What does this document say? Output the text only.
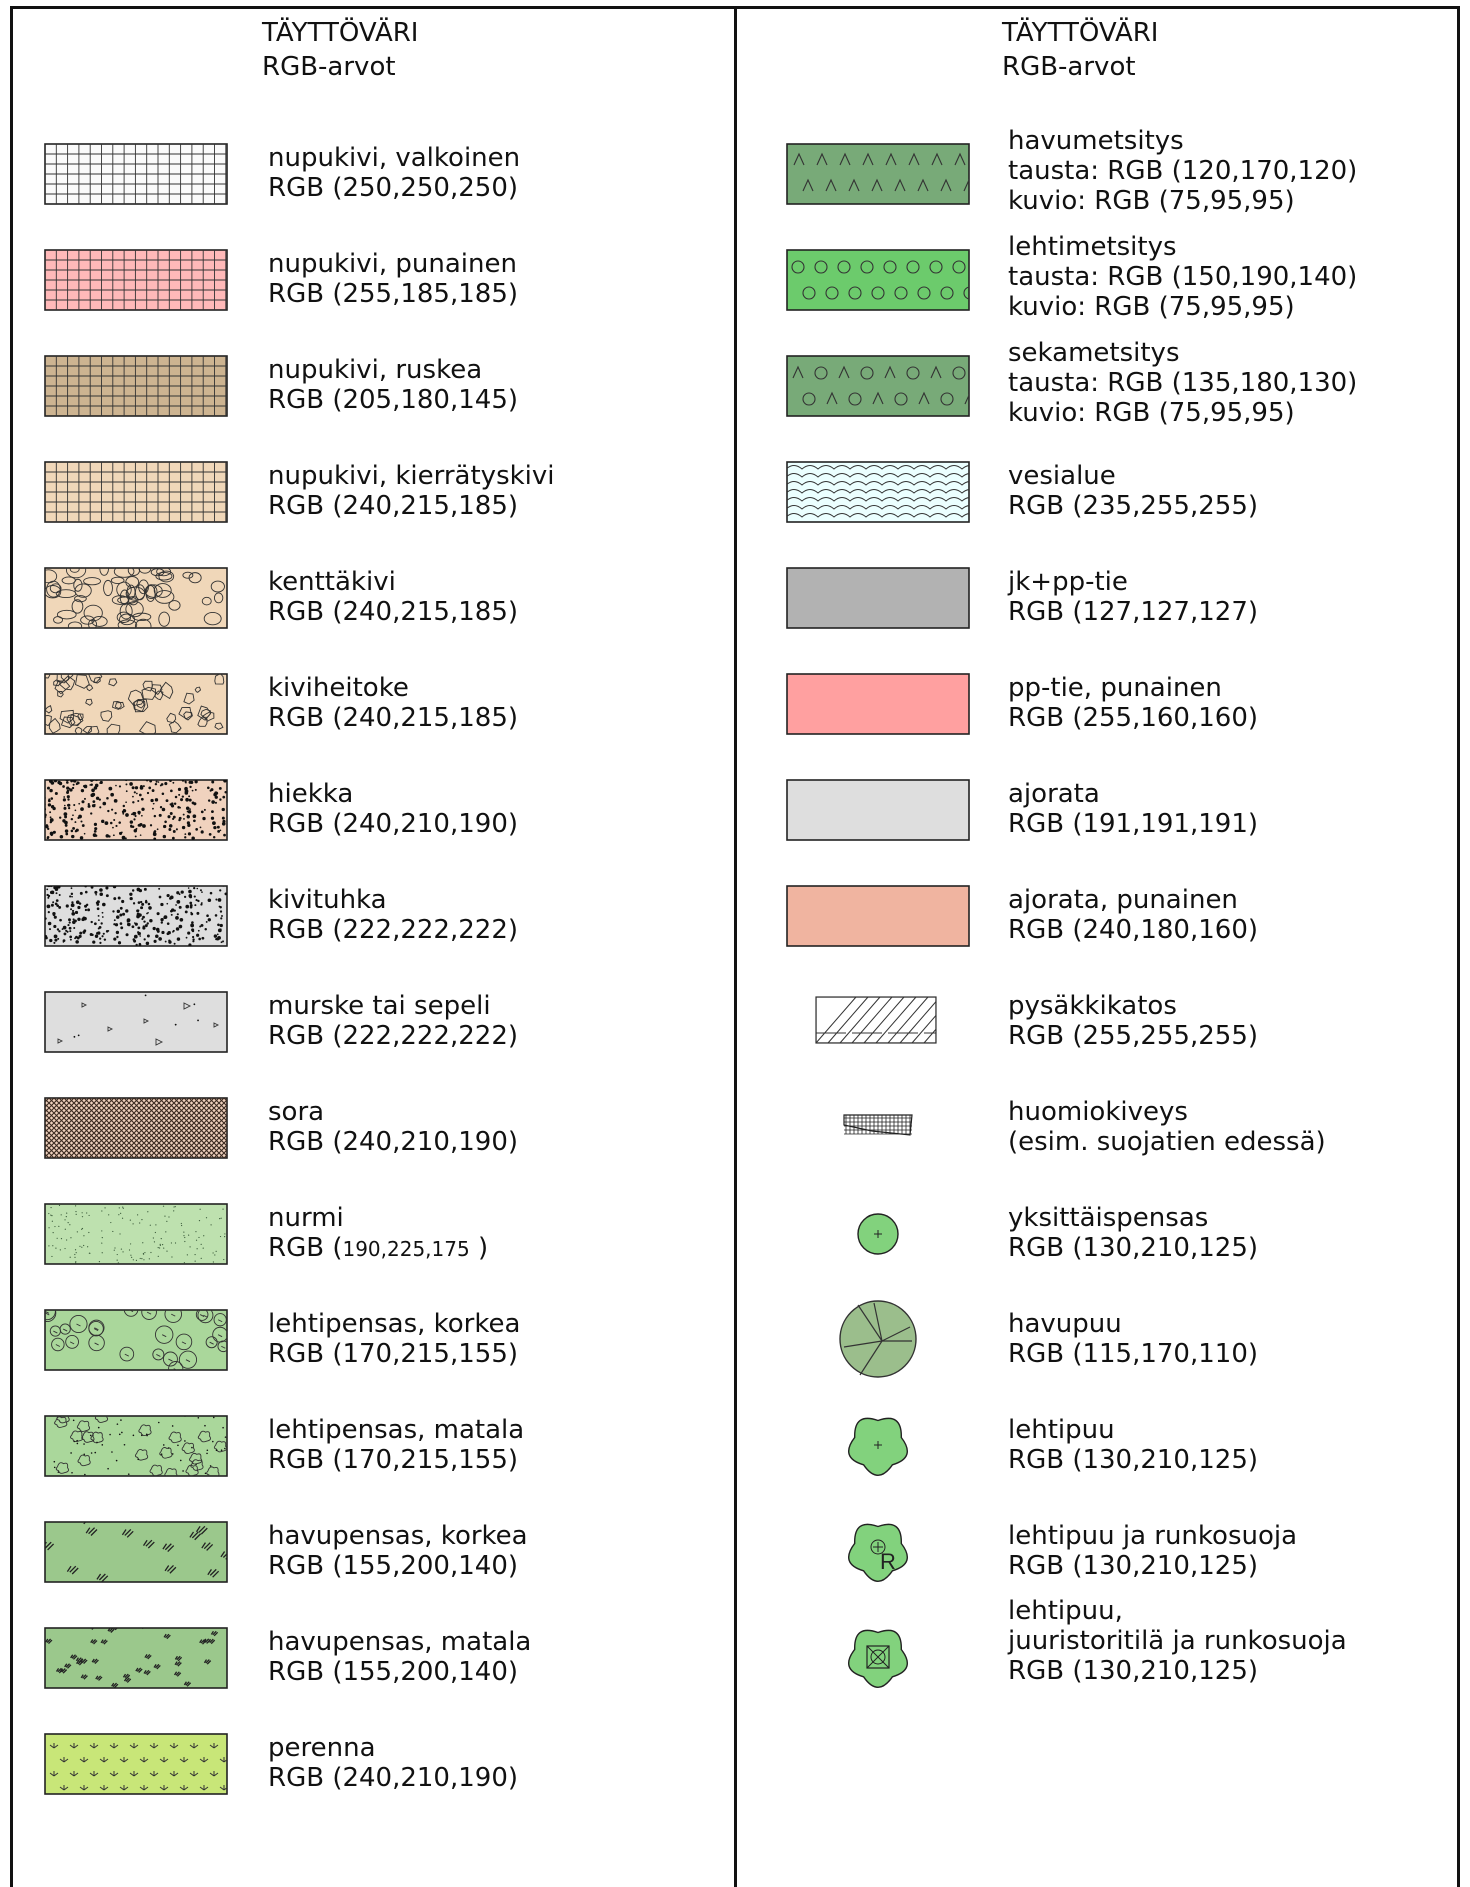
TÄYTTÖVÄRI
RGB-arvot
TÄYTTÖVÄRI
RGB-arvot
nupukivi, valkoinen
RGB (250,250,250)
nupukivi, punainen
RGB (255,185,185)
nupukivi, ruskea
RGB (205,180,145)
nupukivi, kierrätyskivi
RGB (240,215,185)
kenttäkivi
RGB (240,215,185)
kiviheitoke
RGB (240,215,185)
hiekka
RGB (240,210,190)
kivituhka
RGB (222,222,222)
murske tai sepeli
RGB (222,222,222)
sora
RGB (240,210,190)
nurmi
RGB (190,225,175 )
lehtipensas, korkea
RGB (170,215,155)
lehtipensas, matala
RGB (170,215,155)
havupensas, korkea
RGB (155,200,140)
havupensas, matala
RGB (155,200,140)
perenna
RGB (240,210,190)
havumetsitys
tausta: RGB (120,170,120)
kuvio: RGB (75,95,95)
lehtimetsitys
tausta: RGB (150,190,140)
kuvio: RGB (75,95,95)
sekametsitys
tausta: RGB (135,180,130)
kuvio: RGB (75,95,95)
vesialue
RGB (235,255,255)
jk+pp-tie
RGB (127,127,127)
pp-tie, punainen
RGB (255,160,160)
ajorata
RGB (191,191,191)
ajorata, punainen
RGB (240,180,160)
pysäkkikatos
RGB (255,255,255)
huomiokiveys
(esim. suojatien edessä)
yksittäispensas
RGB (130,210,125)
havupuu
RGB (115,170,110)
lehtipuu
RGB (130,210,125)
R
lehtipuu ja runkosuoja
RGB (130,210,125)
lehtipuu,
juuristoritilä ja runkosuoja
RGB (130,210,125)
